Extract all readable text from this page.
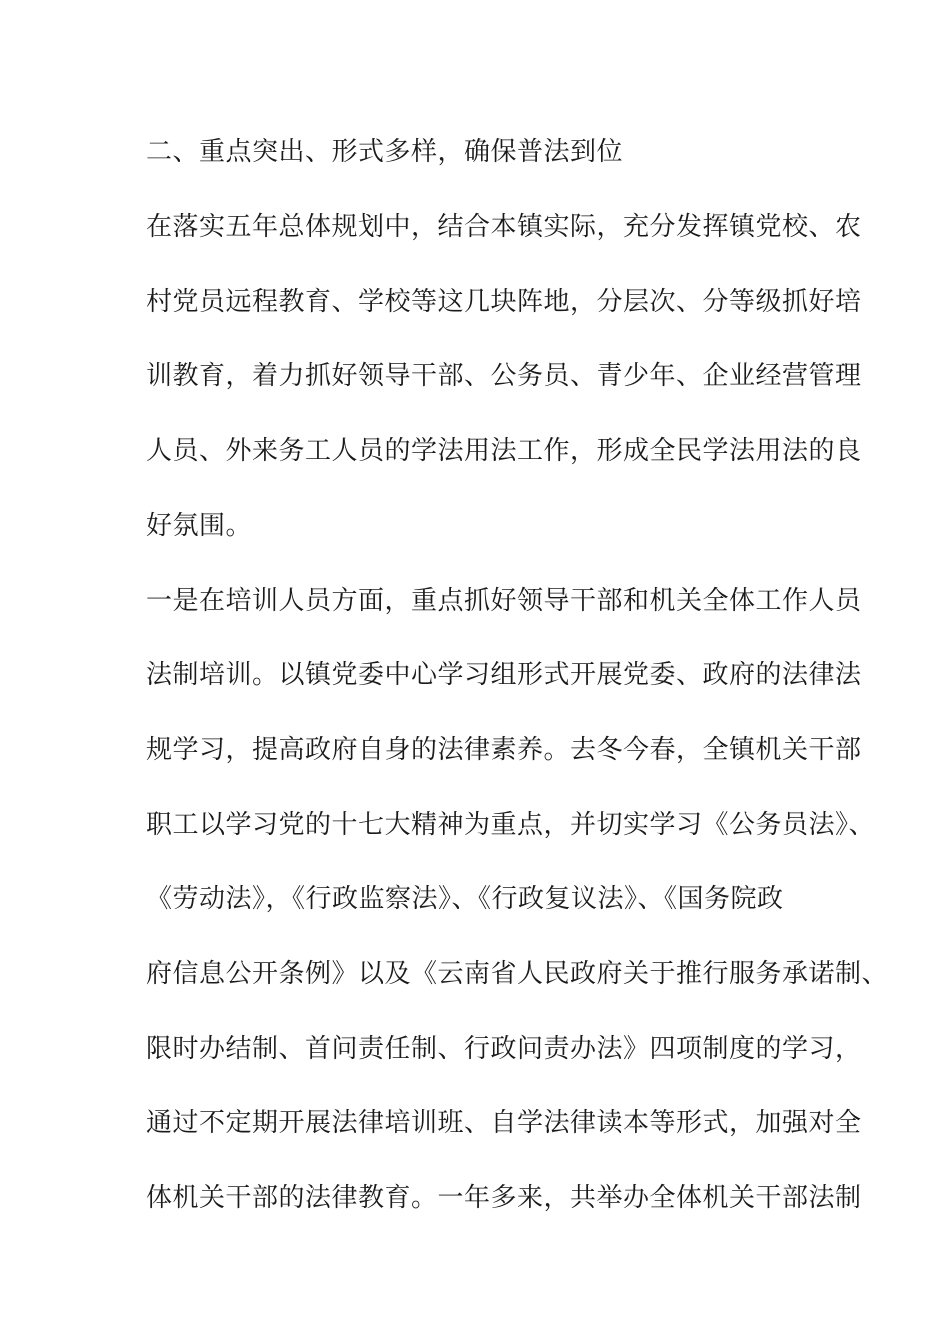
二、重点突出、形式多样，确保普法到位
在落实五年总体规划中，结合本镇实际，充分发挥镇党校、农
村党员远程教育、学校等这几块阵地，分层次、分等级抓好培
训教育，着力抓好领导干部、公务员、青少年、企业经营管理
人员、外来务工人员的学法用法工作，形成全民学法用法的良
好氛围。
一是在培训人员方面，重点抓好领导干部和机关全体工作人员
法制培训。以镇党委中心学习组形式开展党委、政府的法律法
规学习，提高政府自身的法律素养。去冬今春，全镇机关干部
职工以学习党的十七大精神为重点，并切实学习《公务员法》、
《劳动法》，《行政监察法》、《行政复议法》、《国务院政
府信息公开条例》以及《云南省人民政府关于推行服务承诺制、
限时办结制、首问责任制、行政问责办法》四项制度的学习，
通过不定期开展法律培训班、自学法律读本等形式，加强对全
体机关干部的法律教育。一年多来，共举办全体机关干部法制
